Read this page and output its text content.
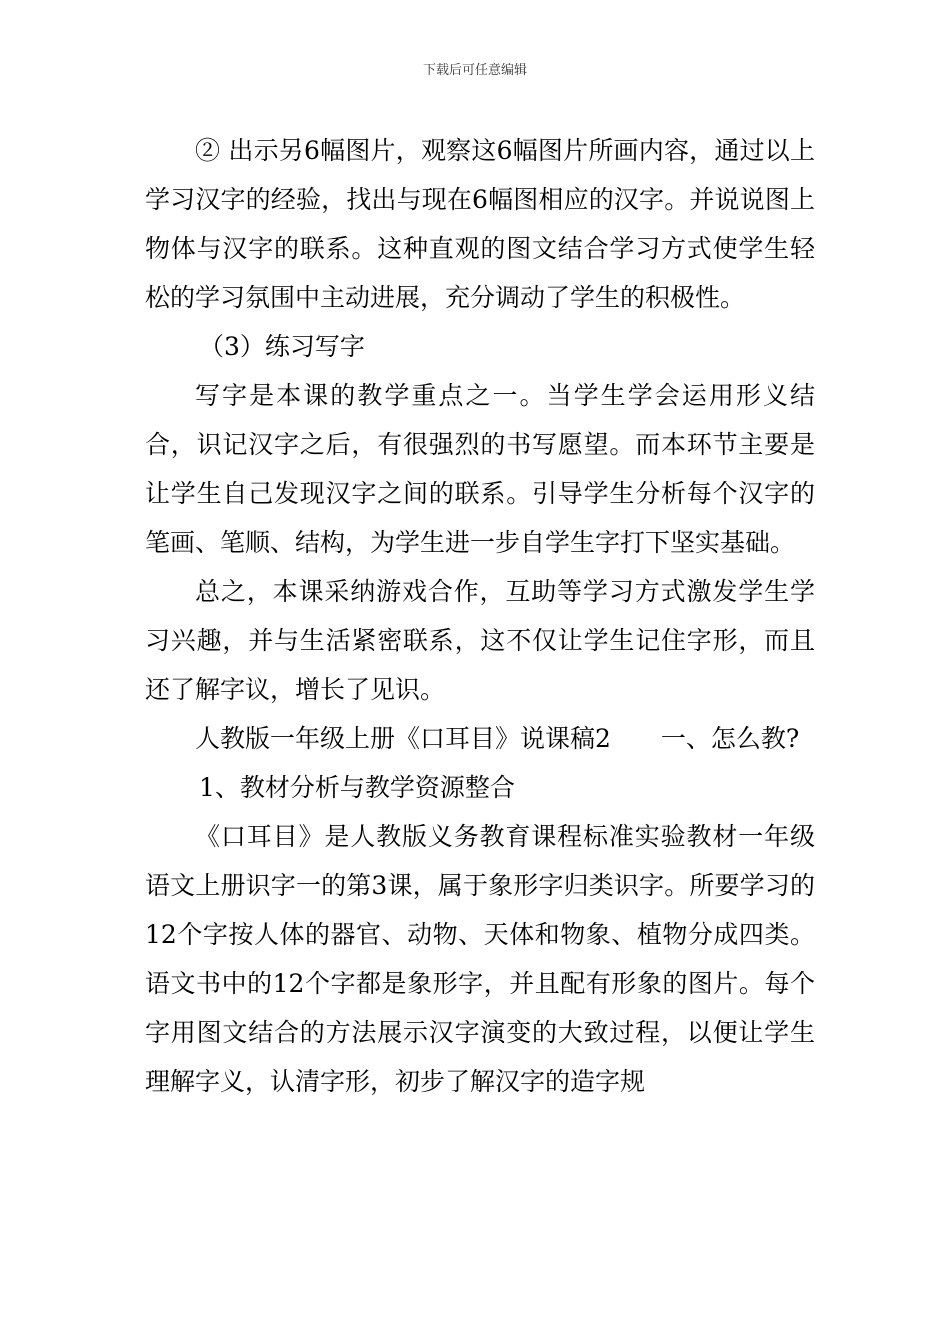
下载后可任意编辑

② 出示另6幅图片，观察这6幅图片所画内容，通过以上学习汉字的经验，找出与现在6幅图相应的汉字。并说说图上物体与汉字的联系。这种直观的图文结合学习方式使学生轻松的学习氛围中主动进展，充分调动了学生的积极性。

（3）练习写字

写字是本课的教学重点之一。当学生学会运用形义结合，识记汉字之后，有很强烈的书写愿望。而本环节主要是让学生自己发现汉字之间的联系。引导学生分析每个汉字的笔画、笔顺、结构，为学生进一步自学生字打下坚实基础。

总之，本课采纳游戏合作，互助等学习方式激发学生学习兴趣，并与生活紧密联系，这不仅让学生记住字形，而且还了解字议，增长了见识。

人教版一年级上册《口耳目》说课稿2 一、怎么教?

1、教材分析与教学资源整合

《口耳目》是人教版义务教育课程标准实验教材一年级语文上册识字一的第3课，属于象形字归类识字。所要学习的12个字按人体的器官、动物、天体和物象、植物分成四类。语文书中的12个字都是象形字，并且配有形象的图片。每个字用图文结合的方法展示汉字演变的大致过程，以便让学生理解字义，认清字形，初步了解汉字的造字规
